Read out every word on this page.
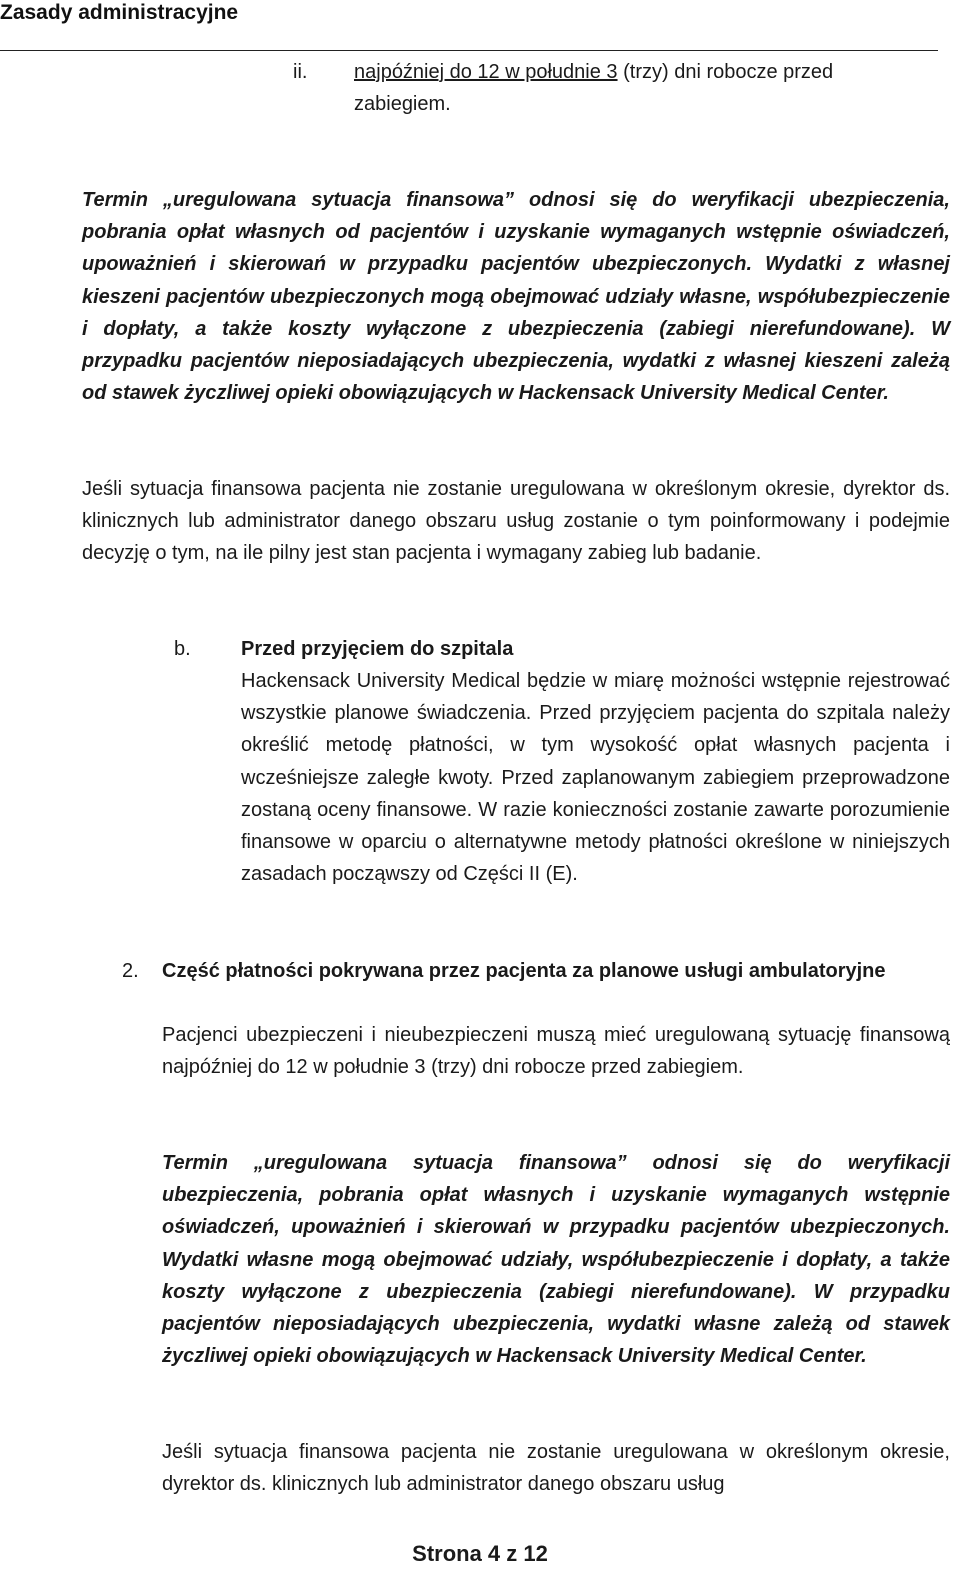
Zasady administracyjne
ii. najpóźniej do 12 w południe 3 (trzy) dni robocze przed
zabiegiem.

Termin „uregulowana sytuacja finansowa” odnosi się do weryfikacji ubezpieczenia, pobrania opłat własnych od pacjentów i uzyskanie wymaganych wstępnie oświadczeń, upoważnień i skierowań w przypadku pacjentów ubezpieczonych. Wydatki z własnej kieszeni pacjentów ubezpieczonych mogą obejmować udziały własne, współubezpieczenie i dopłaty, a także koszty wyłączone z ubezpieczenia (zabiegi nierefundowane). W przypadku pacjentów nieposiadających ubezpieczenia, wydatki z własnej kieszeni zależą od stawek życzliwej opieki obowiązujących w Hackensack University Medical Center.

Jeśli sytuacja finansowa pacjenta nie zostanie uregulowana w określonym okresie, dyrektor ds. klinicznych lub administrator danego obszaru usług zostanie o tym poinformowany i podejmie decyzję o tym, na ile pilny jest stan pacjenta i wymagany zabieg lub badanie.

b.	Przed przyjęciem do szpitala

Hackensack University Medical będzie w miarę możności wstępnie rejestrować wszystkie planowe świadczenia. Przed przyjęciem pacjenta do szpitala należy określić metodę płatności, w tym wysokość opłat własnych pacjenta i wcześniejsze zaległe kwoty. Przed zaplanowanym zabiegiem przeprowadzone zostaną oceny finansowe. W razie konieczności zostanie zawarte porozumienie finansowe w oparciu o alternatywne metody płatności określone w niniejszych zasadach począwszy od Części II (E).

2. Część płatności pokrywana przez pacjenta za planowe usługi ambulatoryjne

Pacjenci ubezpieczeni i nieubezpieczeni muszą mieć uregulowaną sytuację finansową najpóźniej do 12 w południe 3 (trzy) dni robocze przed zabiegiem.

Termin „uregulowana sytuacja finansowa” odnosi się do weryfikacji ubezpieczenia, pobrania opłat własnych i uzyskanie wymaganych wstępnie oświadczeń, upoważnień i skierowań w przypadku pacjentów ubezpieczonych. Wydatki własne mogą obejmować udziały, współubezpieczenie i dopłaty, a także koszty wyłączone z ubezpieczenia (zabiegi nierefundowane). W przypadku pacjentów nieposiadających ubezpieczenia, wydatki własne zależą od stawek życzliwej opieki obowiązujących w Hackensack University Medical Center.

Jeśli sytuacja finansowa pacjenta nie zostanie uregulowana w określonym okresie, dyrektor ds. klinicznych lub administrator danego obszaru usług

Strona 4 z 12
